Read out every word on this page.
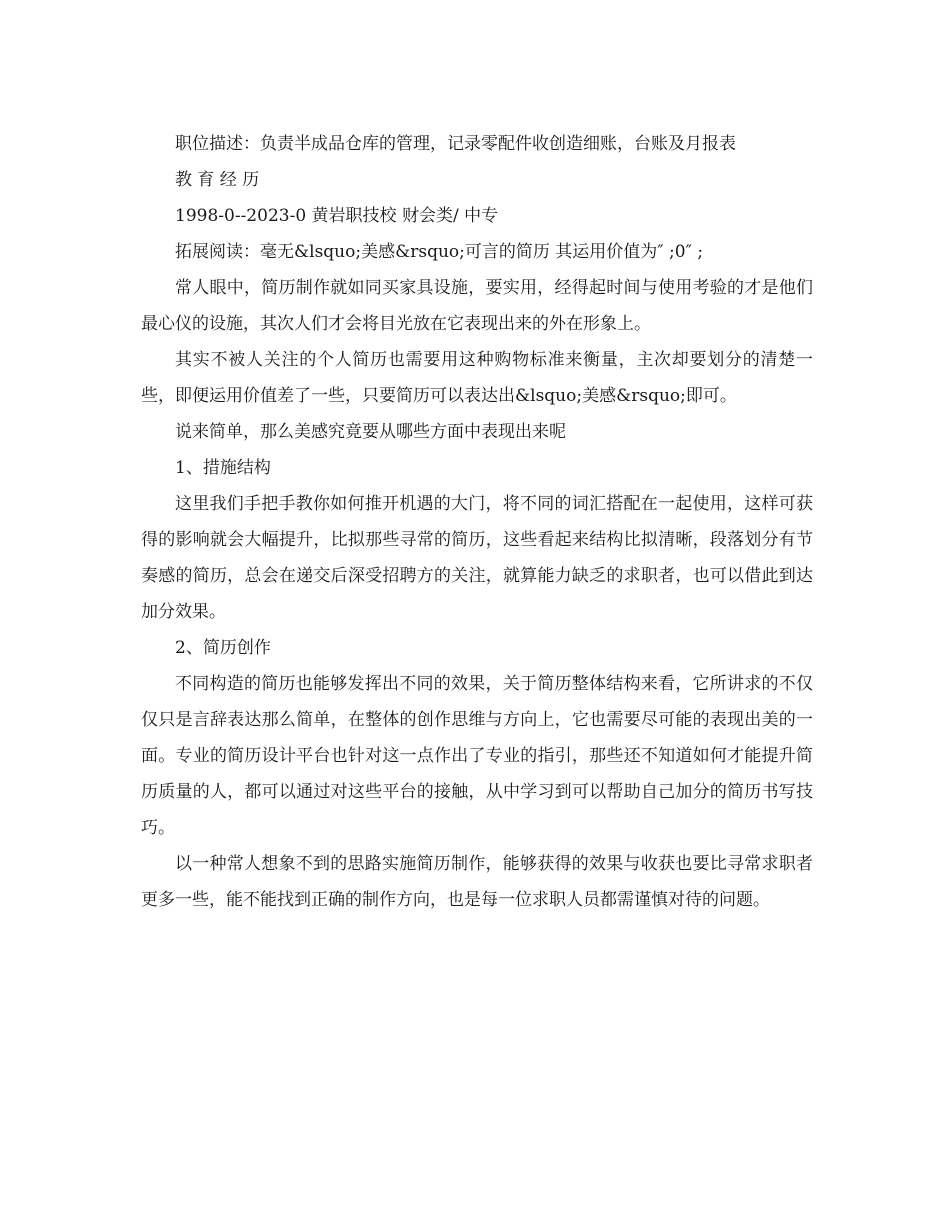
职位描述：负责半成品仓库的管理，记录零配件收创造细账，台账及月报表

教 育 经 历

1998-0--2023-0 黄岩职技校 财会类/ 中专

拓展阅读：毫无&lsquo;美感&rsquo;可言的简历 其运用价值为″ ;0″ ;

常人眼中，简历制作就如同买家具设施，要实用，经得起时间与使用考验的才是他们最心仪的设施，其次人们才会将目光放在它表现出来的外在形象上。

其实不被人关注的个人简历也需要用这种购物标准来衡量，主次却要划分的清楚一些，即便运用价值差了一些，只要简历可以表达出&lsquo;美感&rsquo;即可。

说来简单，那么美感究竟要从哪些方面中表现出来呢

1、措施结构

这里我们手把手教你如何推开机遇的大门，将不同的词汇搭配在一起使用，这样可获得的影响就会大幅提升，比拟那些寻常的简历，这些看起来结构比拟清晰，段落划分有节奏感的简历，总会在递交后深受招聘方的关注，就算能力缺乏的求职者，也可以借此到达加分效果。

2、简历创作

不同构造的简历也能够发挥出不同的效果，关于简历整体结构来看，它所讲求的不仅仅只是言辞表达那么简单，在整体的创作思维与方向上，它也需要尽可能的表现出美的一面。专业的简历设计平台也针对这一点作出了专业的指引，那些还不知道如何才能提升简历质量的人，都可以通过对这些平台的接触，从中学习到可以帮助自己加分的简历书写技巧。

以一种常人想象不到的思路实施简历制作，能够获得的效果与收获也要比寻常求职者更多一些，能不能找到正确的制作方向，也是每一位求职人员都需谨慎对待的问题。
